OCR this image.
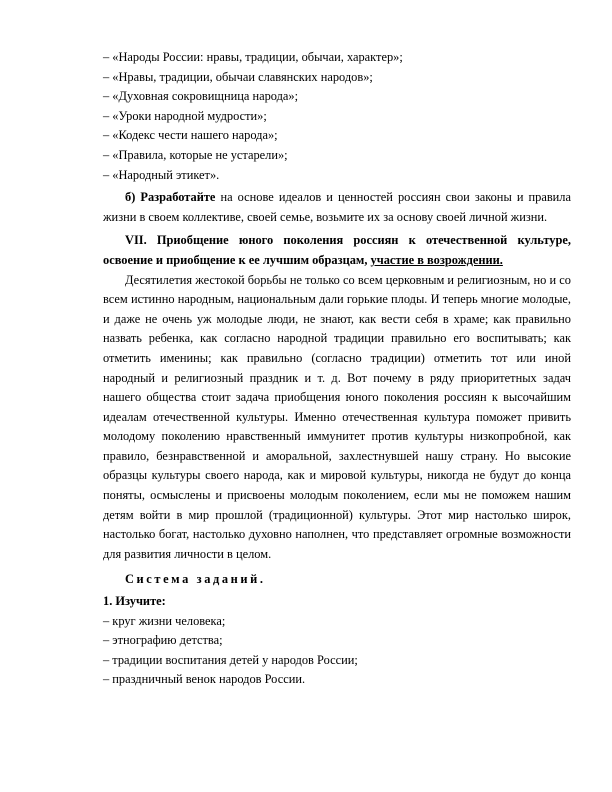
– «Народы России: нравы, традиции, обычаи, характер»;
– «Нравы, традиции, обычаи славянских народов»;
– «Духовная сокровищница народа»;
– «Уроки народной мудрости»;
– «Кодекс чести нашего народа»;
– «Правила, которые не устарели»;
– «Народный этикет».
б) Разработайте на основе идеалов и ценностей россиян свои законы и правила жизни в своем коллективе, своей семье, возьмите их за основу своей личной жизни.
VII. Приобщение юного поколения россиян к отечественной культуре, освоение и приобщение к ее лучшим образцам, участие в возрождении.
Десятилетия жестокой борьбы не только со всем церковным и религиозным, но и со всем истинно народным, национальным дали горькие плоды. И теперь многие молодые, и даже не очень уж молодые люди, не знают, как вести себя в храме; как правильно назвать ребенка, как согласно народной традиции правильно его воспитывать; как отметить именины; как правильно (согласно традиции) отметить тот или иной народный и религиозный праздник и т. д. Вот почему в ряду приоритетных задач нашего общества стоит задача приобщения юного поколения россиян к высочайшим идеалам отечественной культуры. Именно отечественная культура поможет привить молодому поколению нравственный иммунитет против культуры низкопробной, как правило, безнравственной и аморальной, захлестнувшей нашу страну. Но высокие образцы культуры своего народа, как и мировой культуры, никогда не будут до конца поняты, осмыслены и присвоены молодым поколением, если мы не поможем нашим детям войти в мир прошлой (традиционной) культуры. Этот мир настолько широк, настолько богат, настолько духовно наполнен, что представляет огромные возможности для развития личности в целом.
Система заданий.
1. Изучите:
– круг жизни человека;
– этнографию детства;
– традиции воспитания детей у народов России;
– праздничный венок народов России.
